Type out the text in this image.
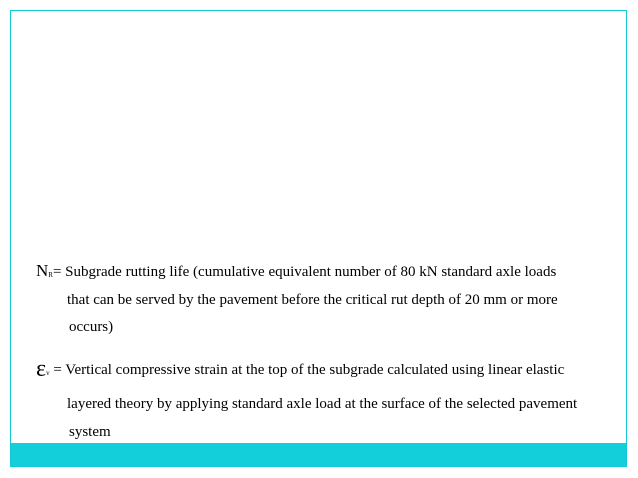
NR= Subgrade rutting life (cumulative equivalent number of 80 kN standard axle loads
that can be served by the pavement before the critical rut depth of 20 mm or more
occurs)
εv = Vertical compressive strain at the top of the subgrade calculated using linear elastic
layered theory by applying standard axle load at the surface of the selected pavement
system
